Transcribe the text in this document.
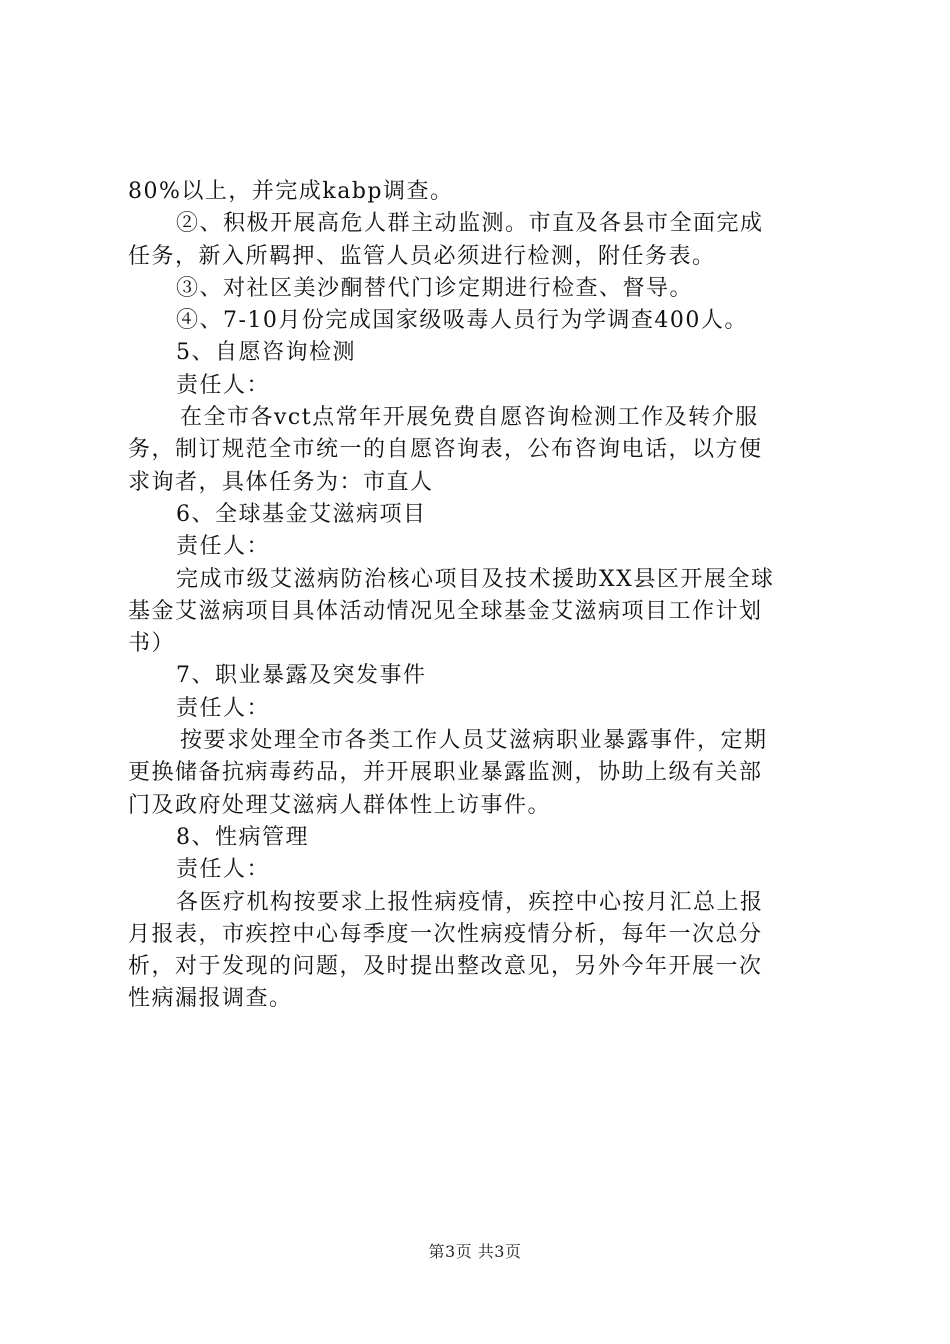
80%以上，并完成kabp调查。
②、积极开展高危人群主动监测。市直及各县市全面完成
任务，新入所羁押、监管人员必须进行检测，附任务表。
③、对社区美沙酮替代门诊定期进行检查、督导。
④、7-10月份完成国家级吸毒人员行为学调查400人。
5、自愿咨询检测
责任人：
在全市各vct点常年开展免费自愿咨询检测工作及转介服
务，制订规范全市统一的自愿咨询表，公布咨询电话，以方便
求询者，具体任务为：市直人
6、全球基金艾滋病项目
责任人：
完成市级艾滋病防治核心项目及技术援助XX县区开展全球
基金艾滋病项目具体活动情况见全球基金艾滋病项目工作计划
书）
7、职业暴露及突发事件
责任人：
按要求处理全市各类工作人员艾滋病职业暴露事件，定期
更换储备抗病毒药品，并开展职业暴露监测，协助上级有关部
门及政府处理艾滋病人群体性上访事件。
8、性病管理
责任人：
各医疗机构按要求上报性病疫情，疾控中心按月汇总上报
月报表，市疾控中心每季度一次性病疫情分析，每年一次总分
析，对于发现的问题，及时提出整改意见，另外今年开展一次
性病漏报调查。
第3页 共3页
